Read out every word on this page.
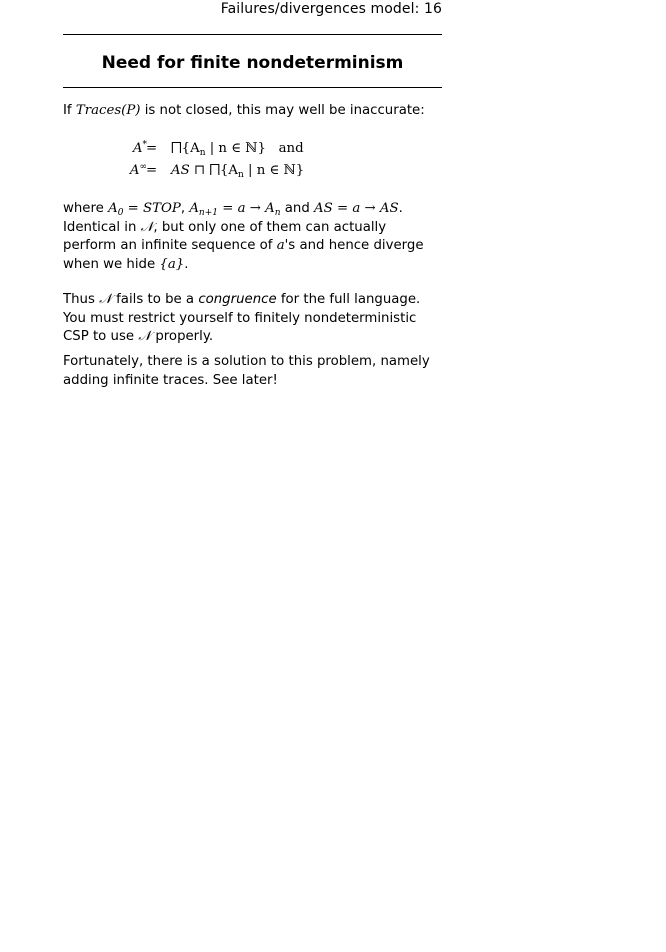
Failures/divergences model: 16
Need for finite nondeterminism
If Traces(P) is not closed, this may well be inaccurate:
$A^* = ⨅\{A_n$ | n ∈ ℕ} and
A∞ = AS ⊓ $⨅\{A_n$ | n ∈ ℕ}
where $A_0$ = STOP, $A_{n+1} = a \to A_n$ and AS = a → AS. Identical in 𝒩, but only one of them can actually perform an infinite sequence of a's and hence diverge when we hide {a}.
Thus 𝒩 fails to be a congruence for the full language. You must restrict yourself to finitely nondeterministic CSP to use 𝒩 properly.
Fortunately, there is a solution to this problem, namely adding infinite traces. See later!
